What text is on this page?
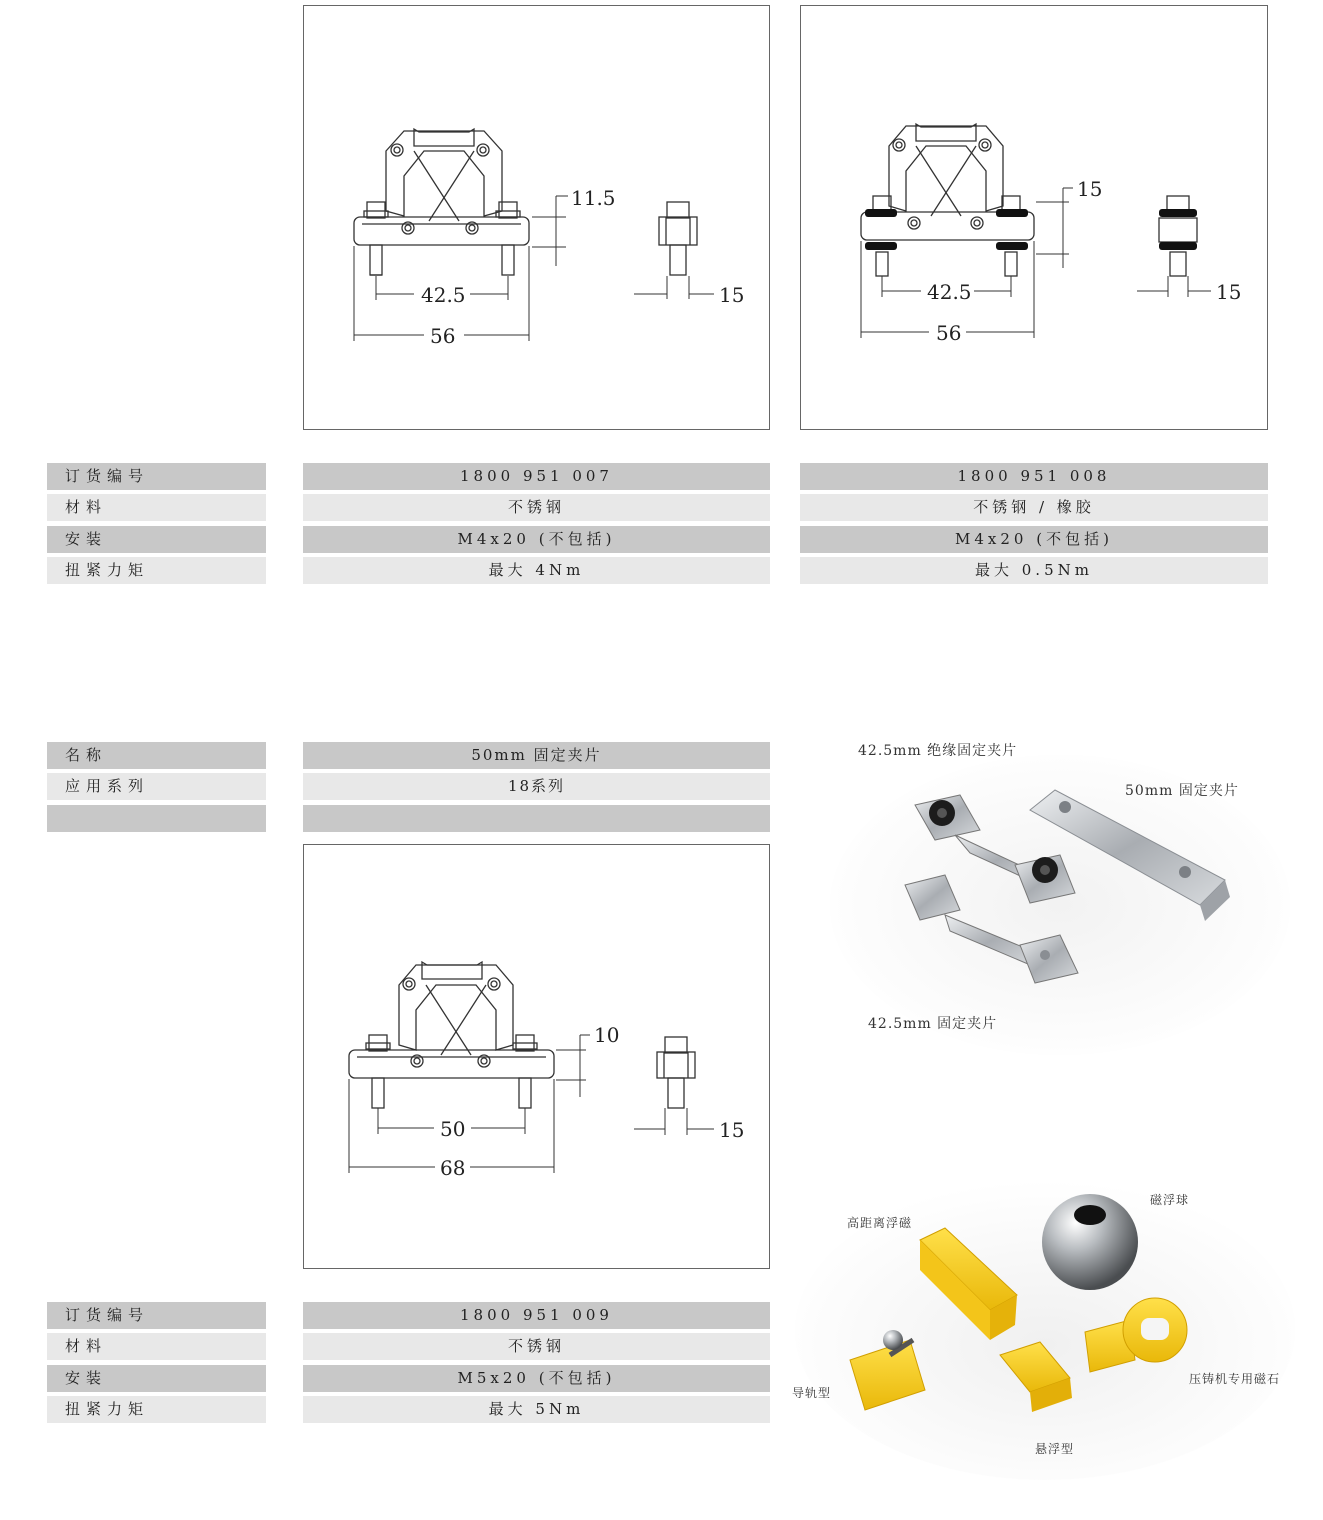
11.5
42.5
56
15
15
42.5
56
15
订货编号
材料
安装
扭紧力矩
1800 951 007
不锈钢
M4x20 (不包括)
最大 4Nm
1800 951 008
不锈钢 / 橡胶
M4x20 (不包括)
最大 0.5Nm
名称
应用系列
50mm 固定夹片
18系列
10
50
68
15
订货编号
材料
安装
扭紧力矩
1800 951 009
不锈钢
M5x20 (不包括)
最大 5Nm
42.5mm 绝缘固定夹片
50mm 固定夹片
42.5mm 固定夹片
高距离浮磁
磁浮球
导轨型
压铸机专用磁石
悬浮型
